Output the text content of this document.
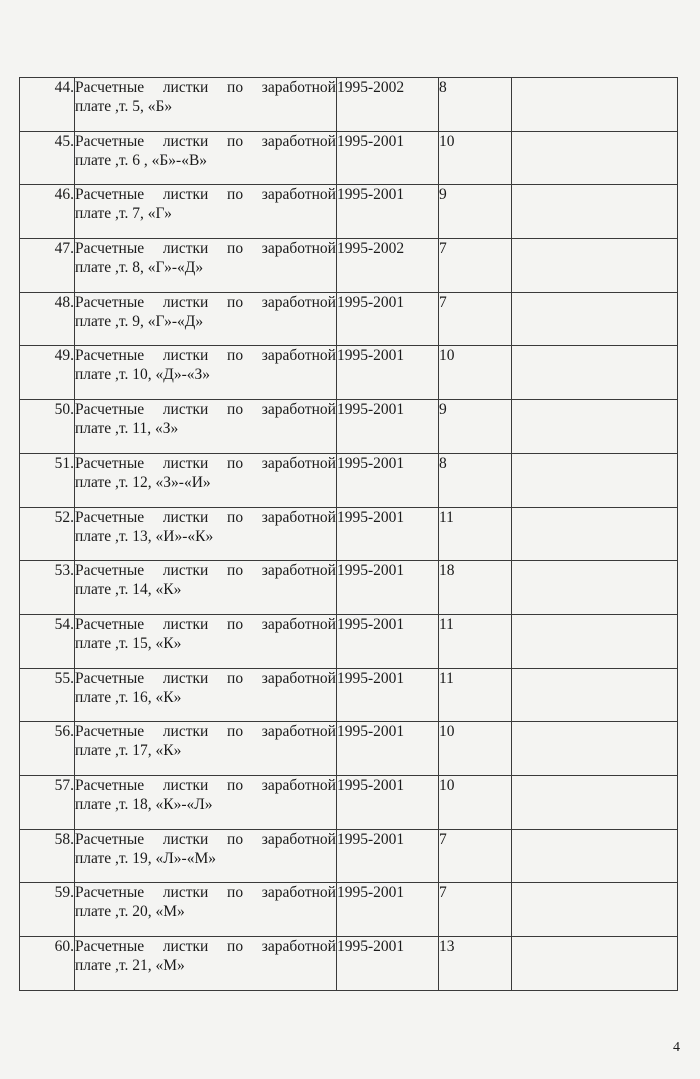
44.	Расчетные листки по заработной
плате ,т. 5, «Б»	1995-2002	8	
45.	Расчетные листки по заработной
плате ,т. 6 , «Б»-«В»	1995-2001	10	
46.	Расчетные листки по заработной
плате ,т. 7, «Г»	1995-2001	9	
47.	Расчетные листки по заработной
плате ,т. 8, «Г»-«Д»	1995-2002	7	
48.	Расчетные листки по заработной
плате ,т. 9, «Г»-«Д»	1995-2001	7	
49.	Расчетные листки по заработной
плате ,т. 10, «Д»-«З»	1995-2001	10	
50.	Расчетные листки по заработной
плате ,т. 11, «З»	1995-2001	9	
51.	Расчетные листки по заработной
плате ,т. 12, «З»-«И»	1995-2001	8	
52.	Расчетные листки по заработной
плате ,т. 13, «И»-«К»	1995-2001	11	
53.	Расчетные листки по заработной
плате ,т. 14, «К»	1995-2001	18	
54.	Расчетные листки по заработной
плате ,т. 15, «К»	1995-2001	11	
55.	Расчетные листки по заработной
плате ,т. 16, «К»	1995-2001	11	
56.	Расчетные листки по заработной
плате ,т. 17, «К»	1995-2001	10	
57.	Расчетные листки по заработной
плате ,т. 18, «К»-«Л»	1995-2001	10	
58.	Расчетные листки по заработной
плате ,т. 19, «Л»-«М»	1995-2001	7	
59.	Расчетные листки по заработной
плате ,т. 20, «М»	1995-2001	7	
60.	Расчетные листки по заработной
плате ,т. 21, «М»	1995-2001	13	
4
